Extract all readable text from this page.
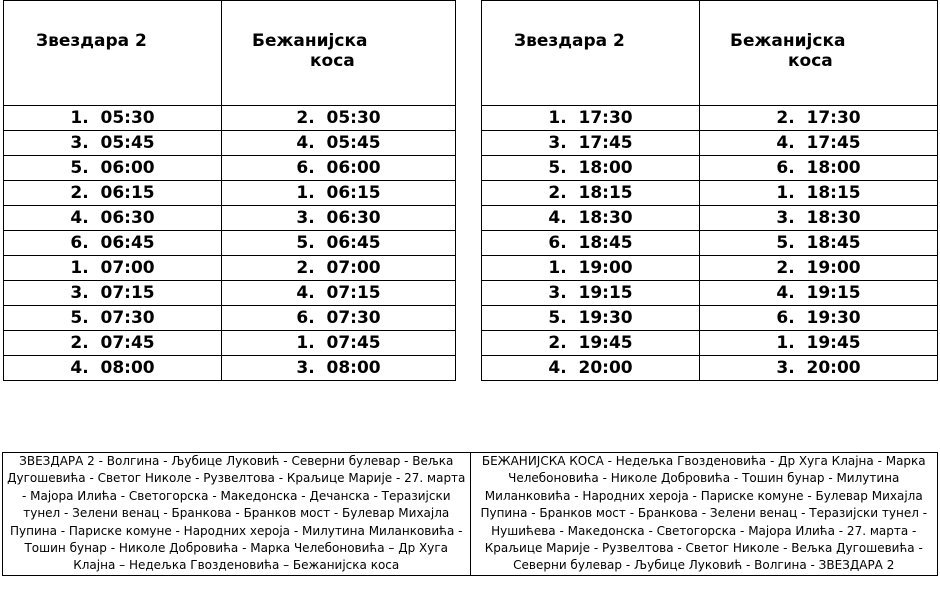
Звездара 2	Бежанијска
коса

1.  05:30	2.  05:30
3.  05:45	4.  05:45
5.  06:00	6.  06:00
2.  06:15	1.  06:15
4.  06:30	3.  06:30
6.  06:45	5.  06:45
1.  07:00	2.  07:00
3.  07:15	4.  07:15
5.  07:30	6.  07:30
2.  07:45	1.  07:45
4.  08:00	3.  08:00
Звездара 2	Бежанијска
коса

1.  17:30	2.  17:30
3.  17:45	4.  17:45
5.  18:00	6.  18:00
2.  18:15	1.  18:15
4.  18:30	3.  18:30
6.  18:45	5.  18:45
1.  19:00	2.  19:00
3.  19:15	4.  19:15
5.  19:30	6.  19:30
2.  19:45	1.  19:45
4.  20:00	3.  20:00
ЗВЕЗДАРА 2 - Волгина - Љубице Луковић - Северни булевар - Вељка Дугошевића - Светог Николе - Рузвелтова - Краљице Марије - 27. марта - Мајора Илића - Светогорска - Македонска - Дечанска - Теразијски тунел - Зелени венац - Бранкова - Бранков мост - Булевар Михајла Пупина - Париске комуне - Народних хероја - Милутина Миланковића - Тошин бунар - Николе Добровића - Марка Челебоновића – Др Хуга Клајна – Недељка Гвозденовића – Бежанијска коса	БЕЖАНИЈСКА КОСА - Недељка Гвозденовића - Др Хуга Клајна - Марка Челебоновића - Николе Добровића - Тошин бунар - Милутина Миланковића - Народних хероја - Париске комуне - Булевар Михајла Пупина - Бранков мост - Бранкова - Зелени венац - Теразијски тунел - Нушићева - Македонска - Светогорска - Мајора Илића - 27. марта - Краљице Марије - Рузвелтова - Светог Николе - Вељка Дугошевића - Северни булевар - Љубице Луковић - Волгина - ЗВЕЗДАРА 2
